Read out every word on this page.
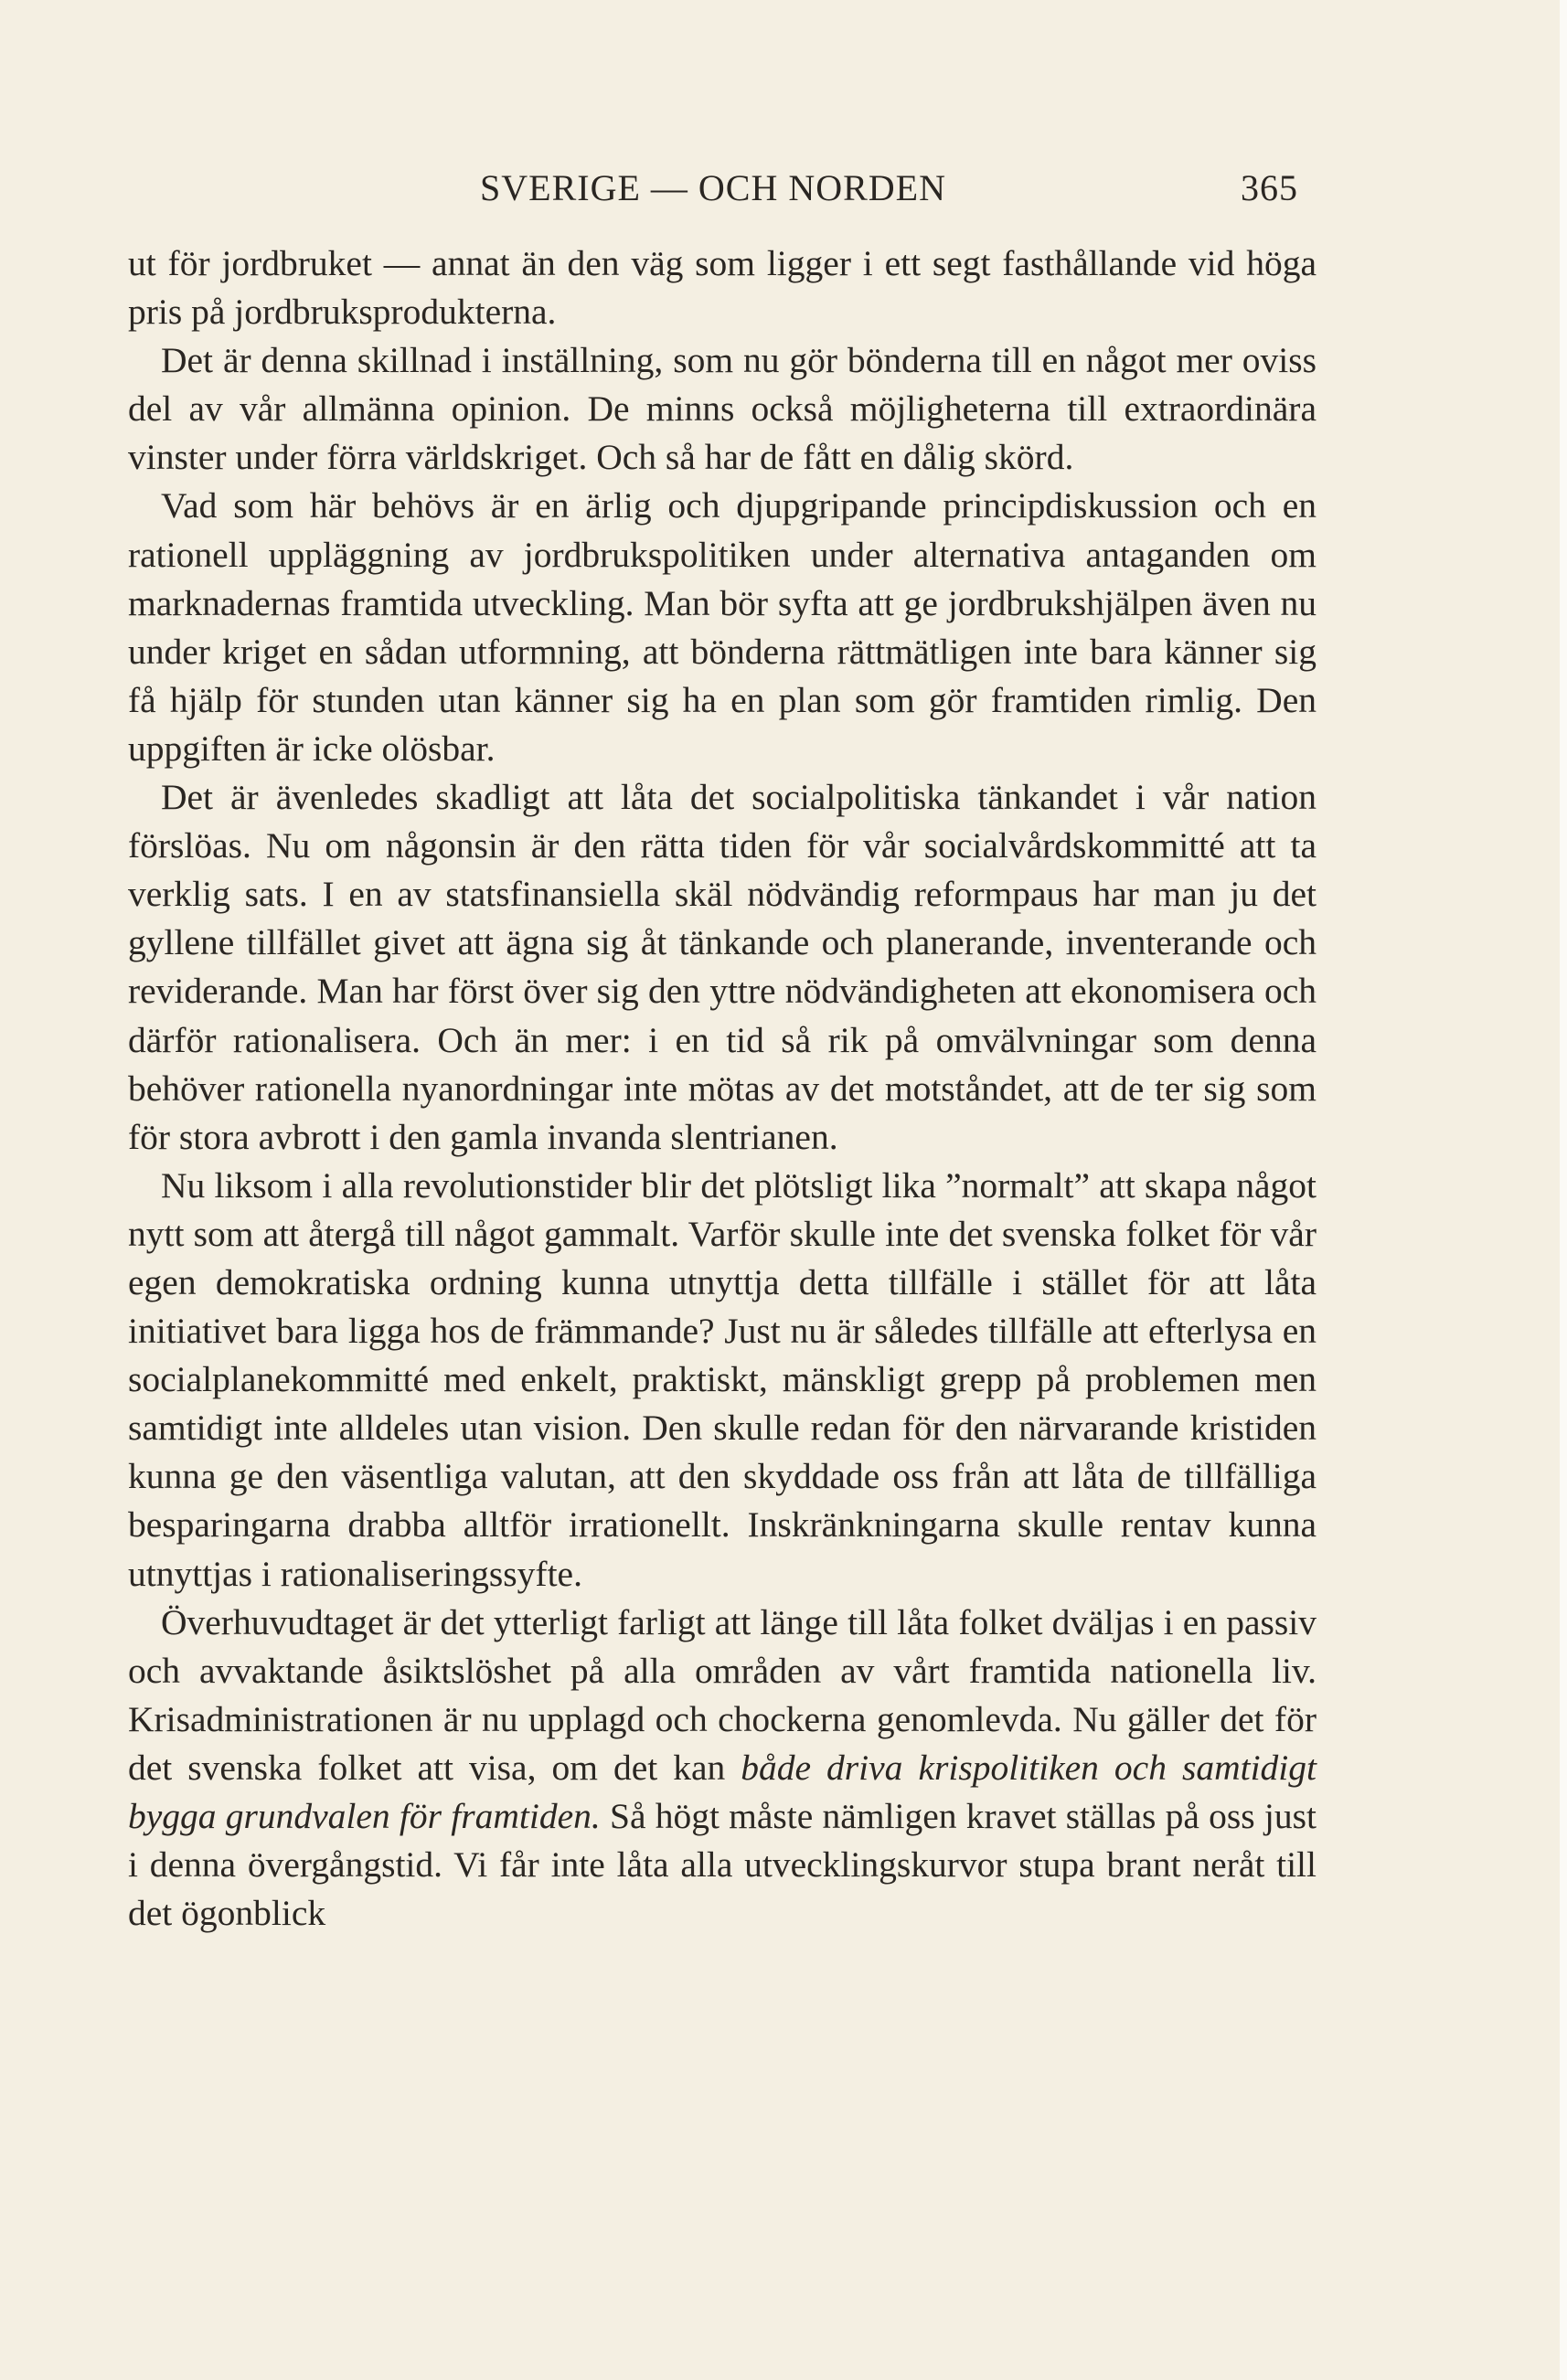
SVERIGE — OCH NORDEN	365

ut för jordbruket — annat än den väg som ligger i ett segt fasthållande vid höga pris på jordbruksprodukterna.

Det är denna skillnad i inställning, som nu gör bönderna till en något mer oviss del av vår allmänna opinion. De minns också möjligheterna till extraordinära vinster under förra världskriget. Och så har de fått en dålig skörd.

Vad som här behövs är en ärlig och djupgripande principdiskussion och en rationell uppläggning av jordbrukspolitiken under alternativa antaganden om marknadernas framtida utveckling. Man bör syfta att ge jordbrukshjälpen även nu under kriget en sådan utformning, att bönderna rättmätligen inte bara känner sig få hjälp för stunden utan känner sig ha en plan som gör framtiden rimlig. Den uppgiften är icke olösbar.

Det är ävenledes skadligt att låta det socialpolitiska tänkandet i vår nation förslöas. Nu om någonsin är den rätta tiden för vår socialvårdskommitté att ta verklig sats. I en av statsfinansiella skäl nödvändig reformpaus har man ju det gyllene tillfället givet att ägna sig åt tänkande och planerande, inventerande och reviderande. Man har först över sig den yttre nödvändigheten att ekonomisera och därför rationalisera. Och än mer: i en tid så rik på omvälvningar som denna behöver rationella nyanordningar inte mötas av det motståndet, att de ter sig som för stora avbrott i den gamla invanda slentrianen.

Nu liksom i alla revolutionstider blir det plötsligt lika ”normalt” att skapa något nytt som att återgå till något gammalt. Varför skulle inte det svenska folket för vår egen demokratiska ordning kunna utnyttja detta tillfälle i stället för att låta initiativet bara ligga hos de främmande? Just nu är således tillfälle att efterlysa en socialplanekommitté med enkelt, praktiskt, mänskligt grepp på problemen men samtidigt inte alldeles utan vision. Den skulle redan för den närvarande kristiden kunna ge den väsentliga valutan, att den skyddade oss från att låta de tillfälliga besparingarna drabba alltför irrationellt. Inskränkningarna skulle rentav kunna utnyttjas i rationaliseringssyfte.

Överhuvudtaget är det ytterligt farligt att länge till låta folket dväljas i en passiv och avvaktande åsiktslöshet på alla områden av vårt framtida nationella liv. Krisadministrationen är nu upplagd och chockerna genomlevda. Nu gäller det för det svenska folket att visa, om det kan både driva krispolitiken och samtidigt bygga grundvalen för framtiden. Så högt måste nämligen kravet ställas på oss just i denna övergångstid. Vi får inte låta alla utvecklingskurvor stupa brant neråt till det ögonblick
